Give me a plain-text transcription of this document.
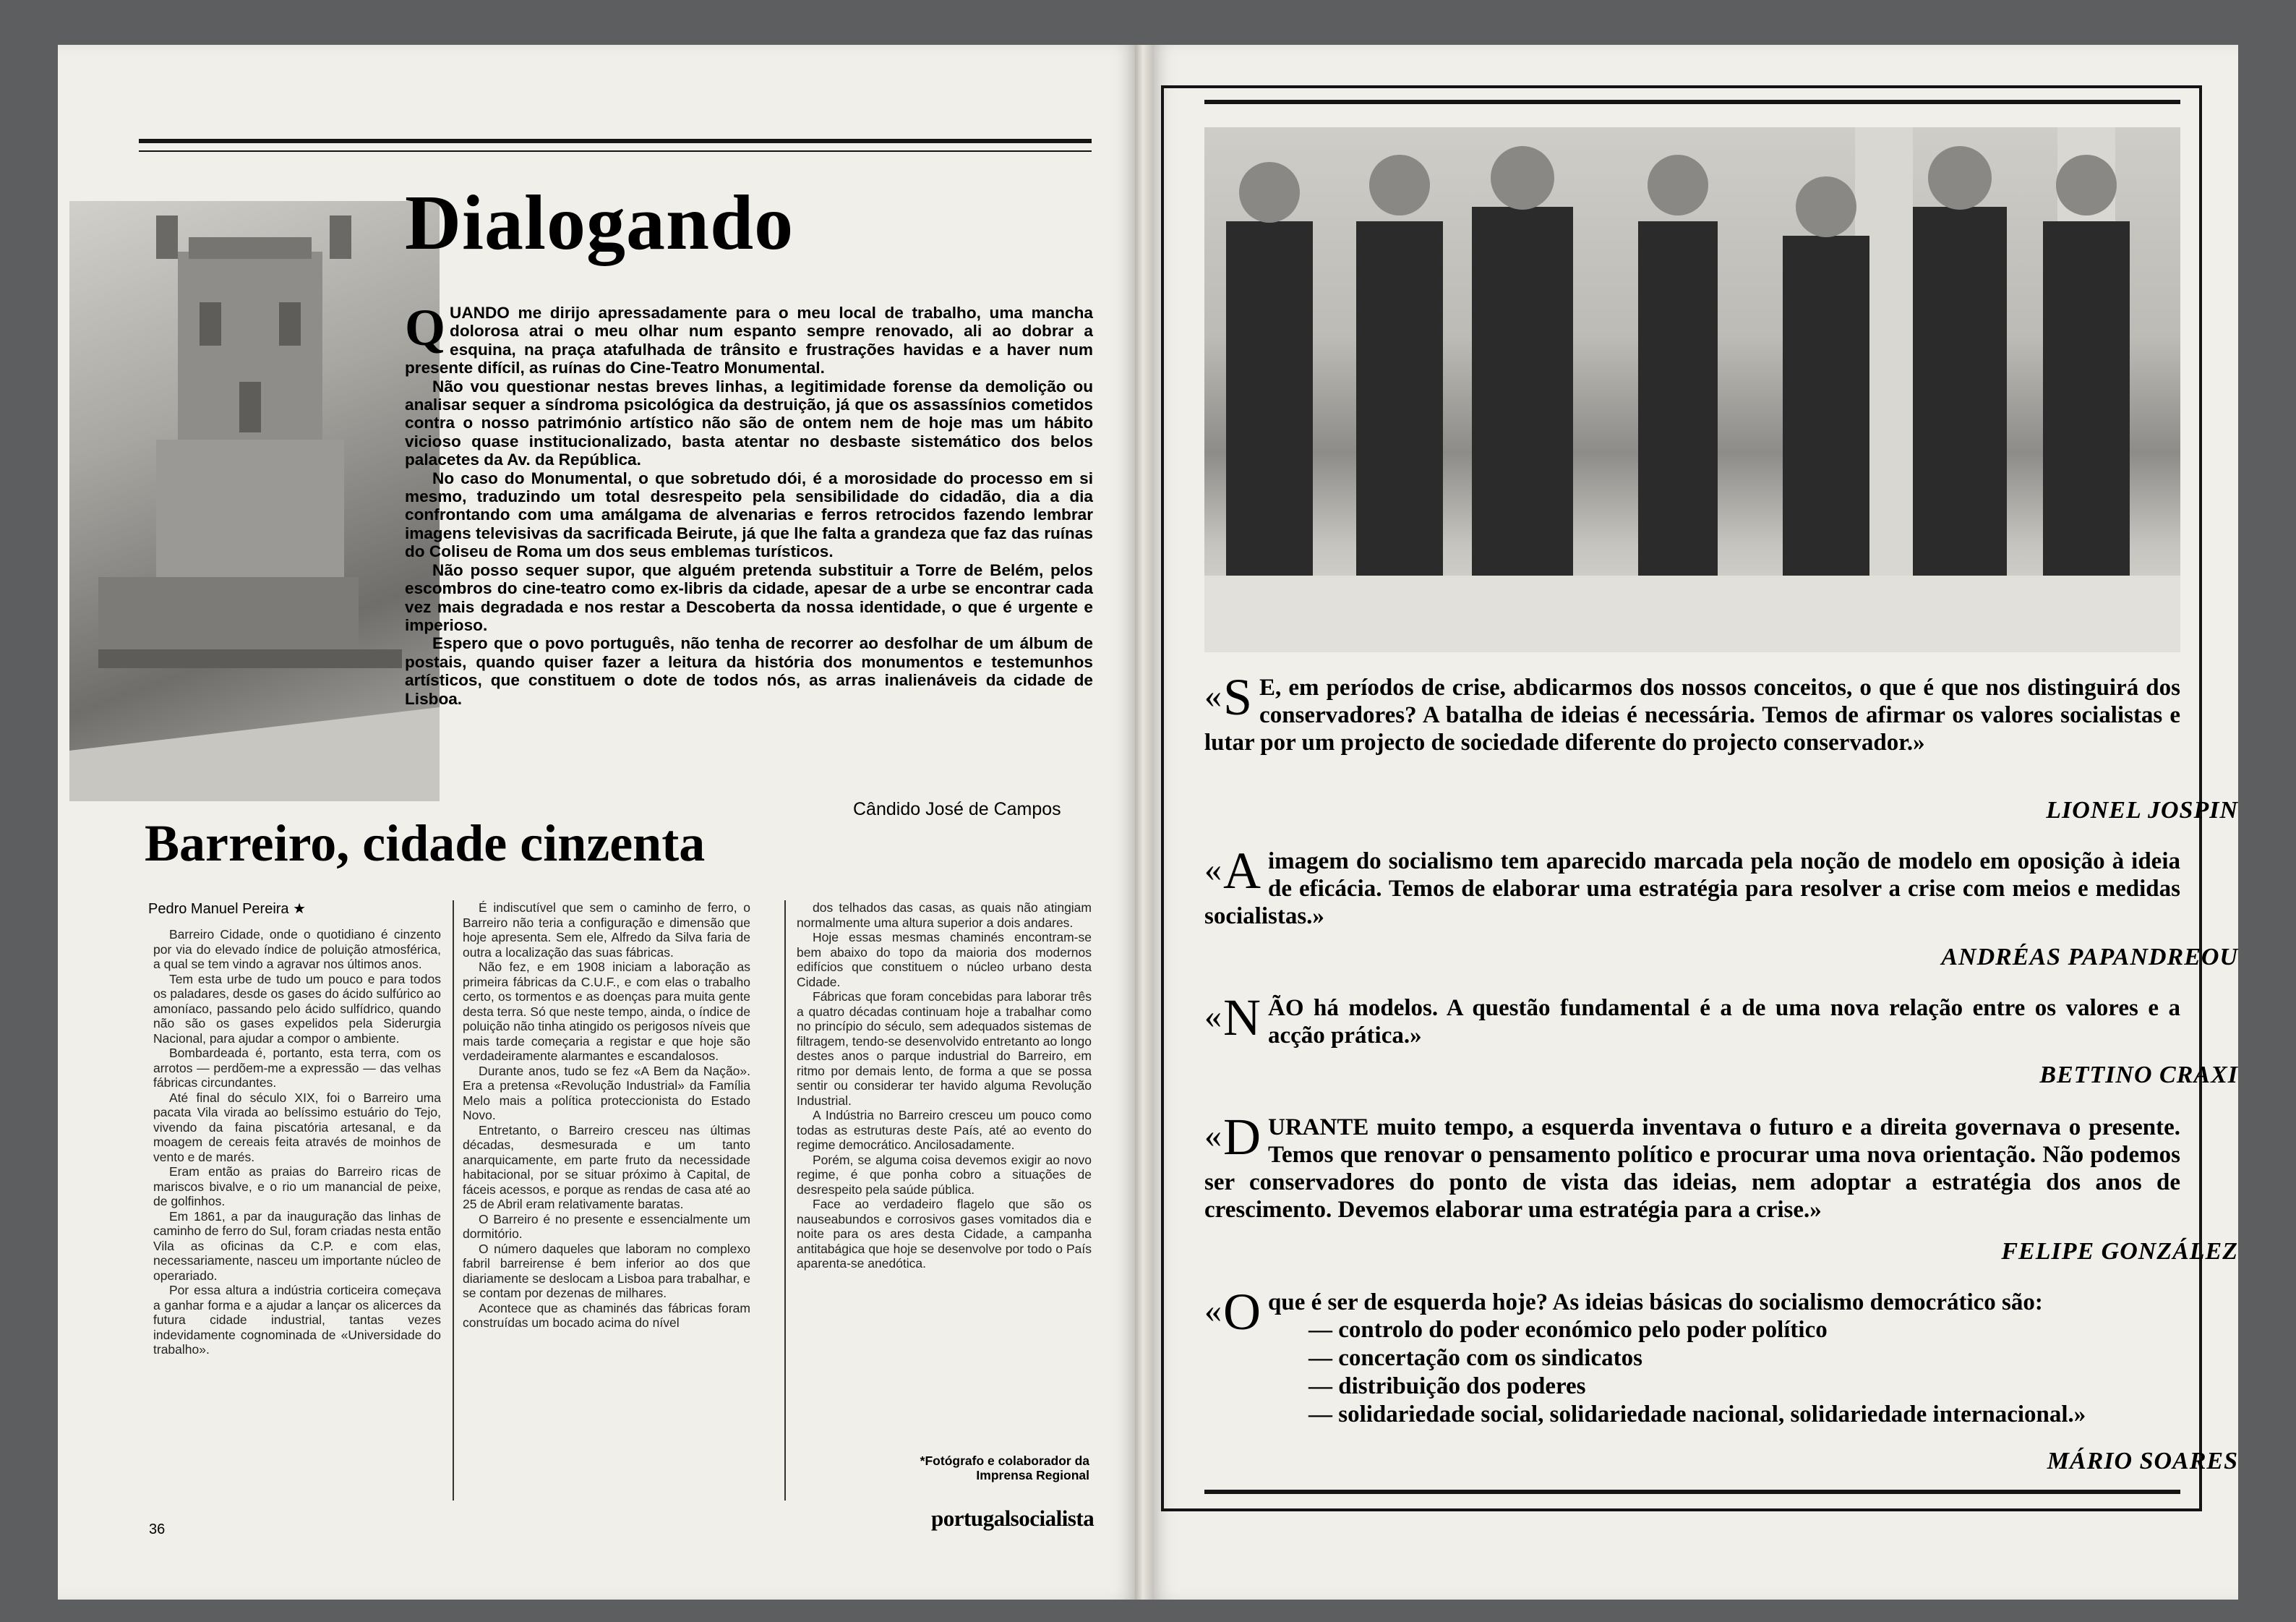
Dialogando

QUANDO me dirijo apressadamente para o meu local de trabalho, uma mancha dolorosa atrai o meu olhar num espanto sempre renovado, ali ao dobrar a esquina, na praça atafulhada de trânsito e frustrações havidas e a haver num presente difícil, as ruínas do Cine-Teatro Monumental.

Não vou questionar nestas breves linhas, a legitimidade forense da demolição ou analisar sequer a síndroma psicológica da destruição, já que os assassínios cometidos contra o nosso património artístico não são de ontem nem de hoje mas um hábito vicioso quase institucionalizado, basta atentar no desbaste sistemático dos belos palacetes da Av. da República.

No caso do Monumental, o que sobretudo dói, é a morosidade do processo em si mesmo, traduzindo um total desrespeito pela sensibilidade do cidadão, dia a dia confrontando com uma amálgama de alvenarias e ferros retrocidos fazendo lembrar imagens televisivas da sacrificada Beirute, já que lhe falta a grandeza que faz das ruínas do Coliseu de Roma um dos seus emblemas turísticos.

Não posso sequer supor, que alguém pretenda substituir a Torre de Belém, pelos escombros do cine-teatro como ex-libris da cidade, apesar de a urbe se encontrar cada vez mais degradada e nos restar a Descoberta da nossa identidade, o que é urgente e imperioso.

Espero que o povo português, não tenha de recorrer ao desfolhar de um álbum de postais, quando quiser fazer a leitura da história dos monumentos e testemunhos artísticos, que constituem o dote de todos nós, as arras inalienáveis da cidade de Lisboa.

Cândido José de Campos
Barreiro, cidade cinzenta
Pedro Manuel Pereira ★

Barreiro Cidade, onde o quotidiano é cinzento por via do elevado índice de poluição atmosférica, a qual se tem vindo a agravar nos últimos anos.

Tem esta urbe de tudo um pouco e para todos os paladares, desde os gases do ácido sulfúrico ao amoníaco, passando pelo ácido sulfídrico, quando não são os gases expelidos pela Siderurgia Nacional, para ajudar a compor o ambiente.

Bombardeada é, portanto, esta terra, com os arrotos — perdõem-me a expressão — das velhas fábricas circundantes.

Até final do século XIX, foi o Barreiro uma pacata Vila virada ao belíssimo estuário do Tejo, vivendo da faina piscatória artesanal, e da moagem de cereais feita através de moinhos de vento e de marés.

Eram então as praias do Barreiro ricas de mariscos bivalve, e o rio um manancial de peixe, de golfinhos.

Em 1861, a par da inauguração das linhas de caminho de ferro do Sul, foram criadas nesta então Vila as oficinas da C.P. e com elas, necessariamente, nasceu um importante núcleo de operariado.

Por essa altura a indústria corticeira começava a ganhar forma e a ajudar a lançar os alicerces da futura cidade industrial, tantas vezes indevidamente cognominada de «Universidade do trabalho».

É indiscutível que sem o caminho de ferro, o Barreiro não teria a configuração e dimensão que hoje apresenta. Sem ele, Alfredo da Silva faria de outra a localização das suas fábricas.

Não fez, e em 1908 iniciam a laboração as primeira fábricas da C.U.F., e com elas o trabalho certo, os tormentos e as doenças para muita gente desta terra. Só que neste tempo, ainda, o índice de poluição não tinha atingido os perigosos níveis que mais tarde começaria a registar e que hoje são verdadeiramente alarmantes e escandalosos.

Durante anos, tudo se fez «A Bem da Nação». Era a pretensa «Revolução Industrial» da Família Melo mais a política proteccionista do Estado Novo.

Entretanto, o Barreiro cresceu nas últimas décadas, desmesurada e um tanto anarquicamente, em parte fruto da necessidade habitacional, por se situar próximo à Capital, de fáceis acessos, e porque as rendas de casa até ao 25 de Abril eram relativamente baratas.

O Barreiro é no presente e essencialmente um dormitório.

O número daqueles que laboram no complexo fabril barreirense é bem inferior ao dos que diariamente se deslocam a Lisboa para trabalhar, e se contam por dezenas de milhares.

Acontece que as chaminés das fábricas foram construídas um bocado acima do nível

dos telhados das casas, as quais não atingiam normalmente uma altura superior a dois andares.

Hoje essas mesmas chaminés encontram-se bem abaixo do topo da maioria dos modernos edifícios que constituem o núcleo urbano desta Cidade.

Fábricas que foram concebidas para laborar três a quatro décadas continuam hoje a trabalhar como no princípio do século, sem adequados sistemas de filtragem, tendo-se desenvolvido entretanto ao longo destes anos o parque industrial do Barreiro, em ritmo por demais lento, de forma a que se possa sentir ou considerar ter havido alguma Revolução Industrial.

A Indústria no Barreiro cresceu um pouco como todas as estruturas deste País, até ao evento do regime democrático. Ancilosadamente.

Porém, se alguma coisa devemos exigir ao novo regime, é que ponha cobro a situações de desrespeito pela saúde pública.

Face ao verdadeiro flagelo que são os nauseabundos e corrosivos gases vomitados dia e noite para os ares desta Cidade, a campanha antitabágica que hoje se desenvolve por todo o País aparenta-se anedótica.

*Fotógrafo e colaborador da
Imprensa Regional
36	portugalsocialista
« S E, em períodos de crise, abdicarmos dos nossos conceitos, o que é que nos distinguirá dos conservadores? A batalha de ideias é necessária. Temos de afirmar os valores socialistas e lutar por um projecto de sociedade diferente do projecto conservador.»
LIONEL JOSPIN
« A imagem do socialismo tem aparecido marcada pela noção de modelo em oposição à ideia de eficácia. Temos de elaborar uma estratégia para resolver a crise com meios e medidas socialistas.»
ANDRÉAS PAPANDREOU
« N ÃO há modelos. A questão fundamental é a de uma nova relação entre os valores e a acção prática.»
BETTINO CRAXI
« D URANTE muito tempo, a esquerda inventava o futuro e a direita governava o presente. Temos que renovar o pensamento político e procurar uma nova orientação. Não podemos ser conservadores do ponto de vista das ideias, nem adoptar a estratégia dos anos de crescimento. Devemos elaborar uma estratégia para a crise.»
FELIPE GONZÁLEZ
« O que é ser de esquerda hoje? As ideias básicas do socialismo democrático são:
— controlo do poder económico pelo poder político
— concertação com os sindicatos
— distribuição dos poderes
— solidariedade social, solidariedade nacional, solidariedade internacional.»
MÁRIO SOARES
